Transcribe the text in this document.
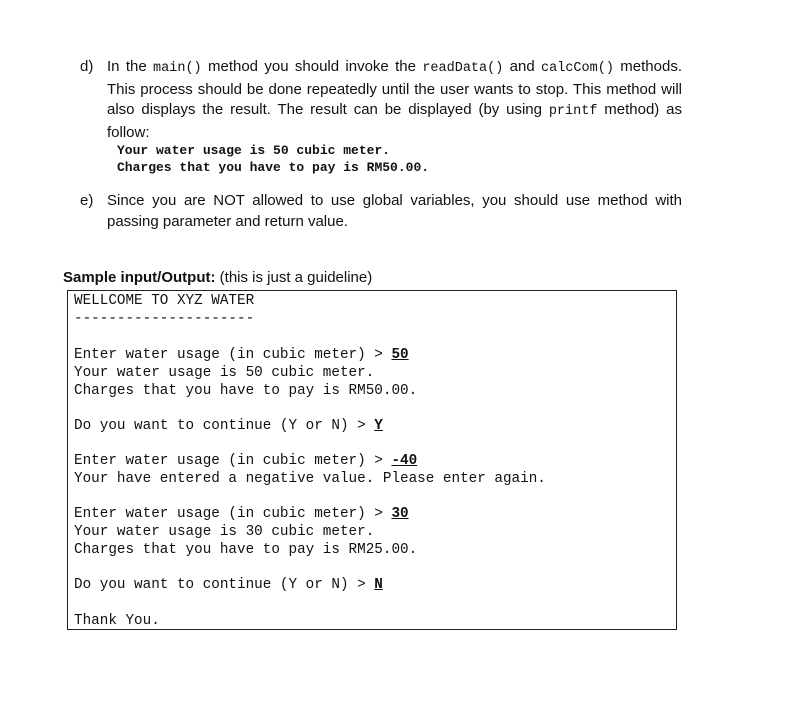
d) In the main() method you should invoke the readData() and calcCom() methods. This process should be done repeatedly until the user wants to stop. This method will also displays the result. The result can be displayed (by using printf method) as follow:
Your water usage is 50 cubic meter.
Charges that you have to pay is RM50.00.
e) Since you are NOT allowed to use global variables, you should use method with passing parameter and return value.
Sample input/Output: (this is just a guideline)
WELLCOME TO XYZ WATER
---------------------
Enter water usage (in cubic meter) > 50
Your water usage is 50 cubic meter.
Charges that you have to pay is RM50.00.
Do you want to continue (Y or N) > Y
Enter water usage (in cubic meter) > -40
Your have entered a negative value. Please enter again.
Enter water usage (in cubic meter) > 30
Your water usage is 30 cubic meter.
Charges that you have to pay is RM25.00.
Do you want to continue (Y or N) > N
Thank You.
